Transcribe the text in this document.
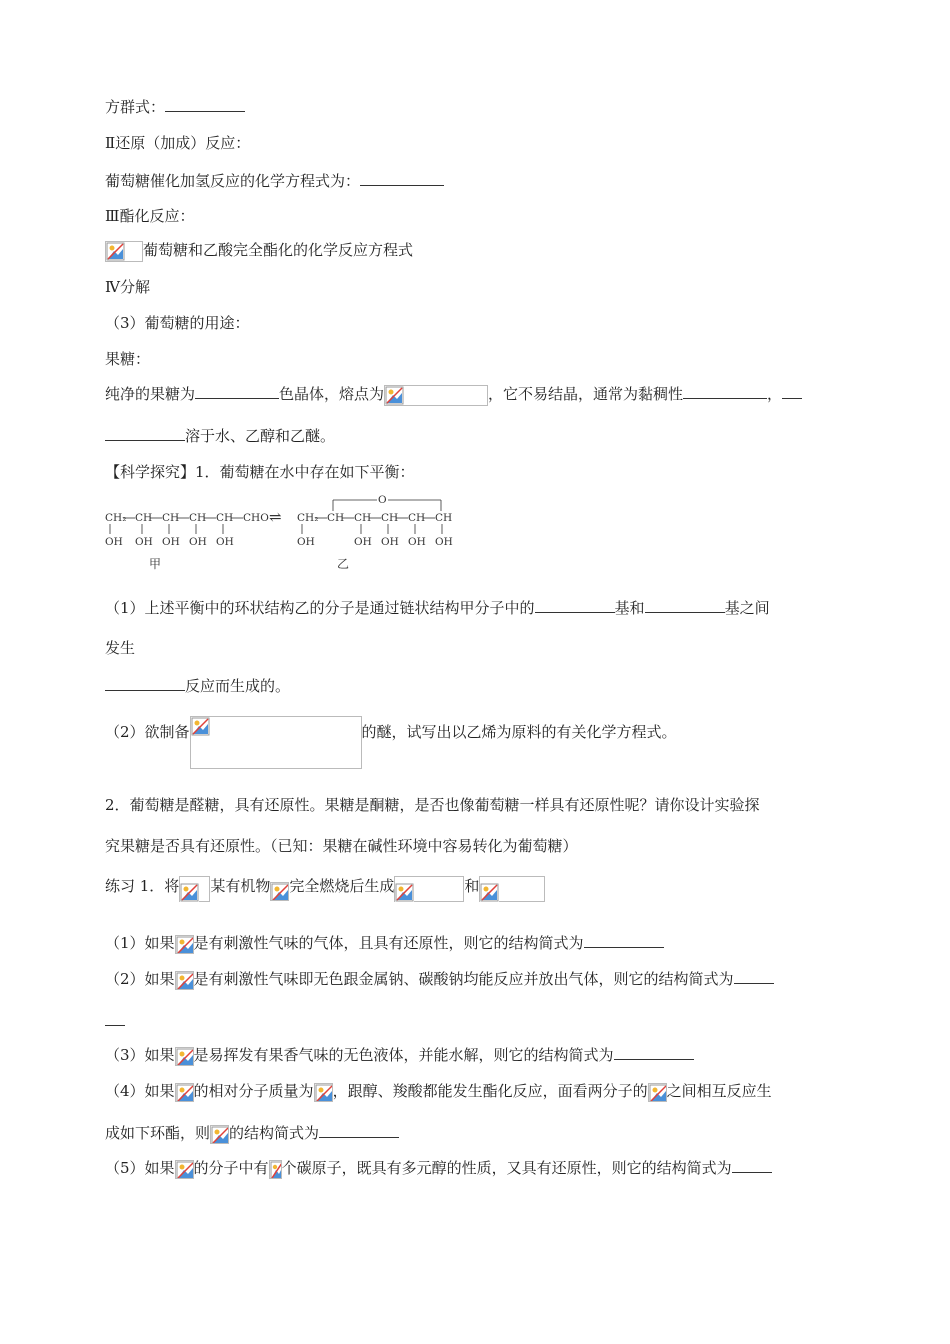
方群式：
Ⅱ还原（加成）反应：
葡萄糖催化加氢反应的化学方程式为：
Ⅲ酯化反应：
葡萄糖和乙酸完全酯化的化学反应方程式
Ⅳ分解
（3）葡萄糖的用途：
果糖：
纯净的果糖为	色晶体，熔点为	，它不易结晶，通常为黏稠性	，
溶于水、乙醇和乙醚。
【科学探究】1．葡萄糖在水中存在如下平衡：
CH₂ CH CH CH CH CHO
OH OH OH OH OH
甲
⇌ CH₂ CH CH CH CH CH
O
OH	OH OH OH OH
乙
（1）上述平衡中的环状结构乙的分子是通过链状结构甲分子中的	基和	基之间
发生
反应而生成的。
（2）欲制备	的醚，试写出以乙烯为原料的有关化学方程式。
2．葡萄糖是醛糖，具有还原性。果糖是酮糖，是否也像葡萄糖一样具有还原性呢？请你设计实验探
究果糖是否具有还原性。（已知：果糖在碱性环境中容易转化为葡萄糖）
练习 1．将 某有机物 完全燃烧后生成	和
（1）如果 是有刺激性气味的气体，且具有还原性，则它的结构简式为
（2）如果 是有刺激性气味即无色跟金属钠、碳酸钠均能反应并放出气体，则它的结构简式为
（3）如果 是易挥发有果香气味的无色液体，并能水解，则它的结构简式为
（4）如果 的相对分子质量为 ，跟醇、羧酸都能发生酯化反应，面看两分子的 之间相互反应生
成如下环酯，则 的结构简式为
（5）如果 的分子中有 个碳原子，既具有多元醇的性质，又具有还原性，则它的结构简式为
